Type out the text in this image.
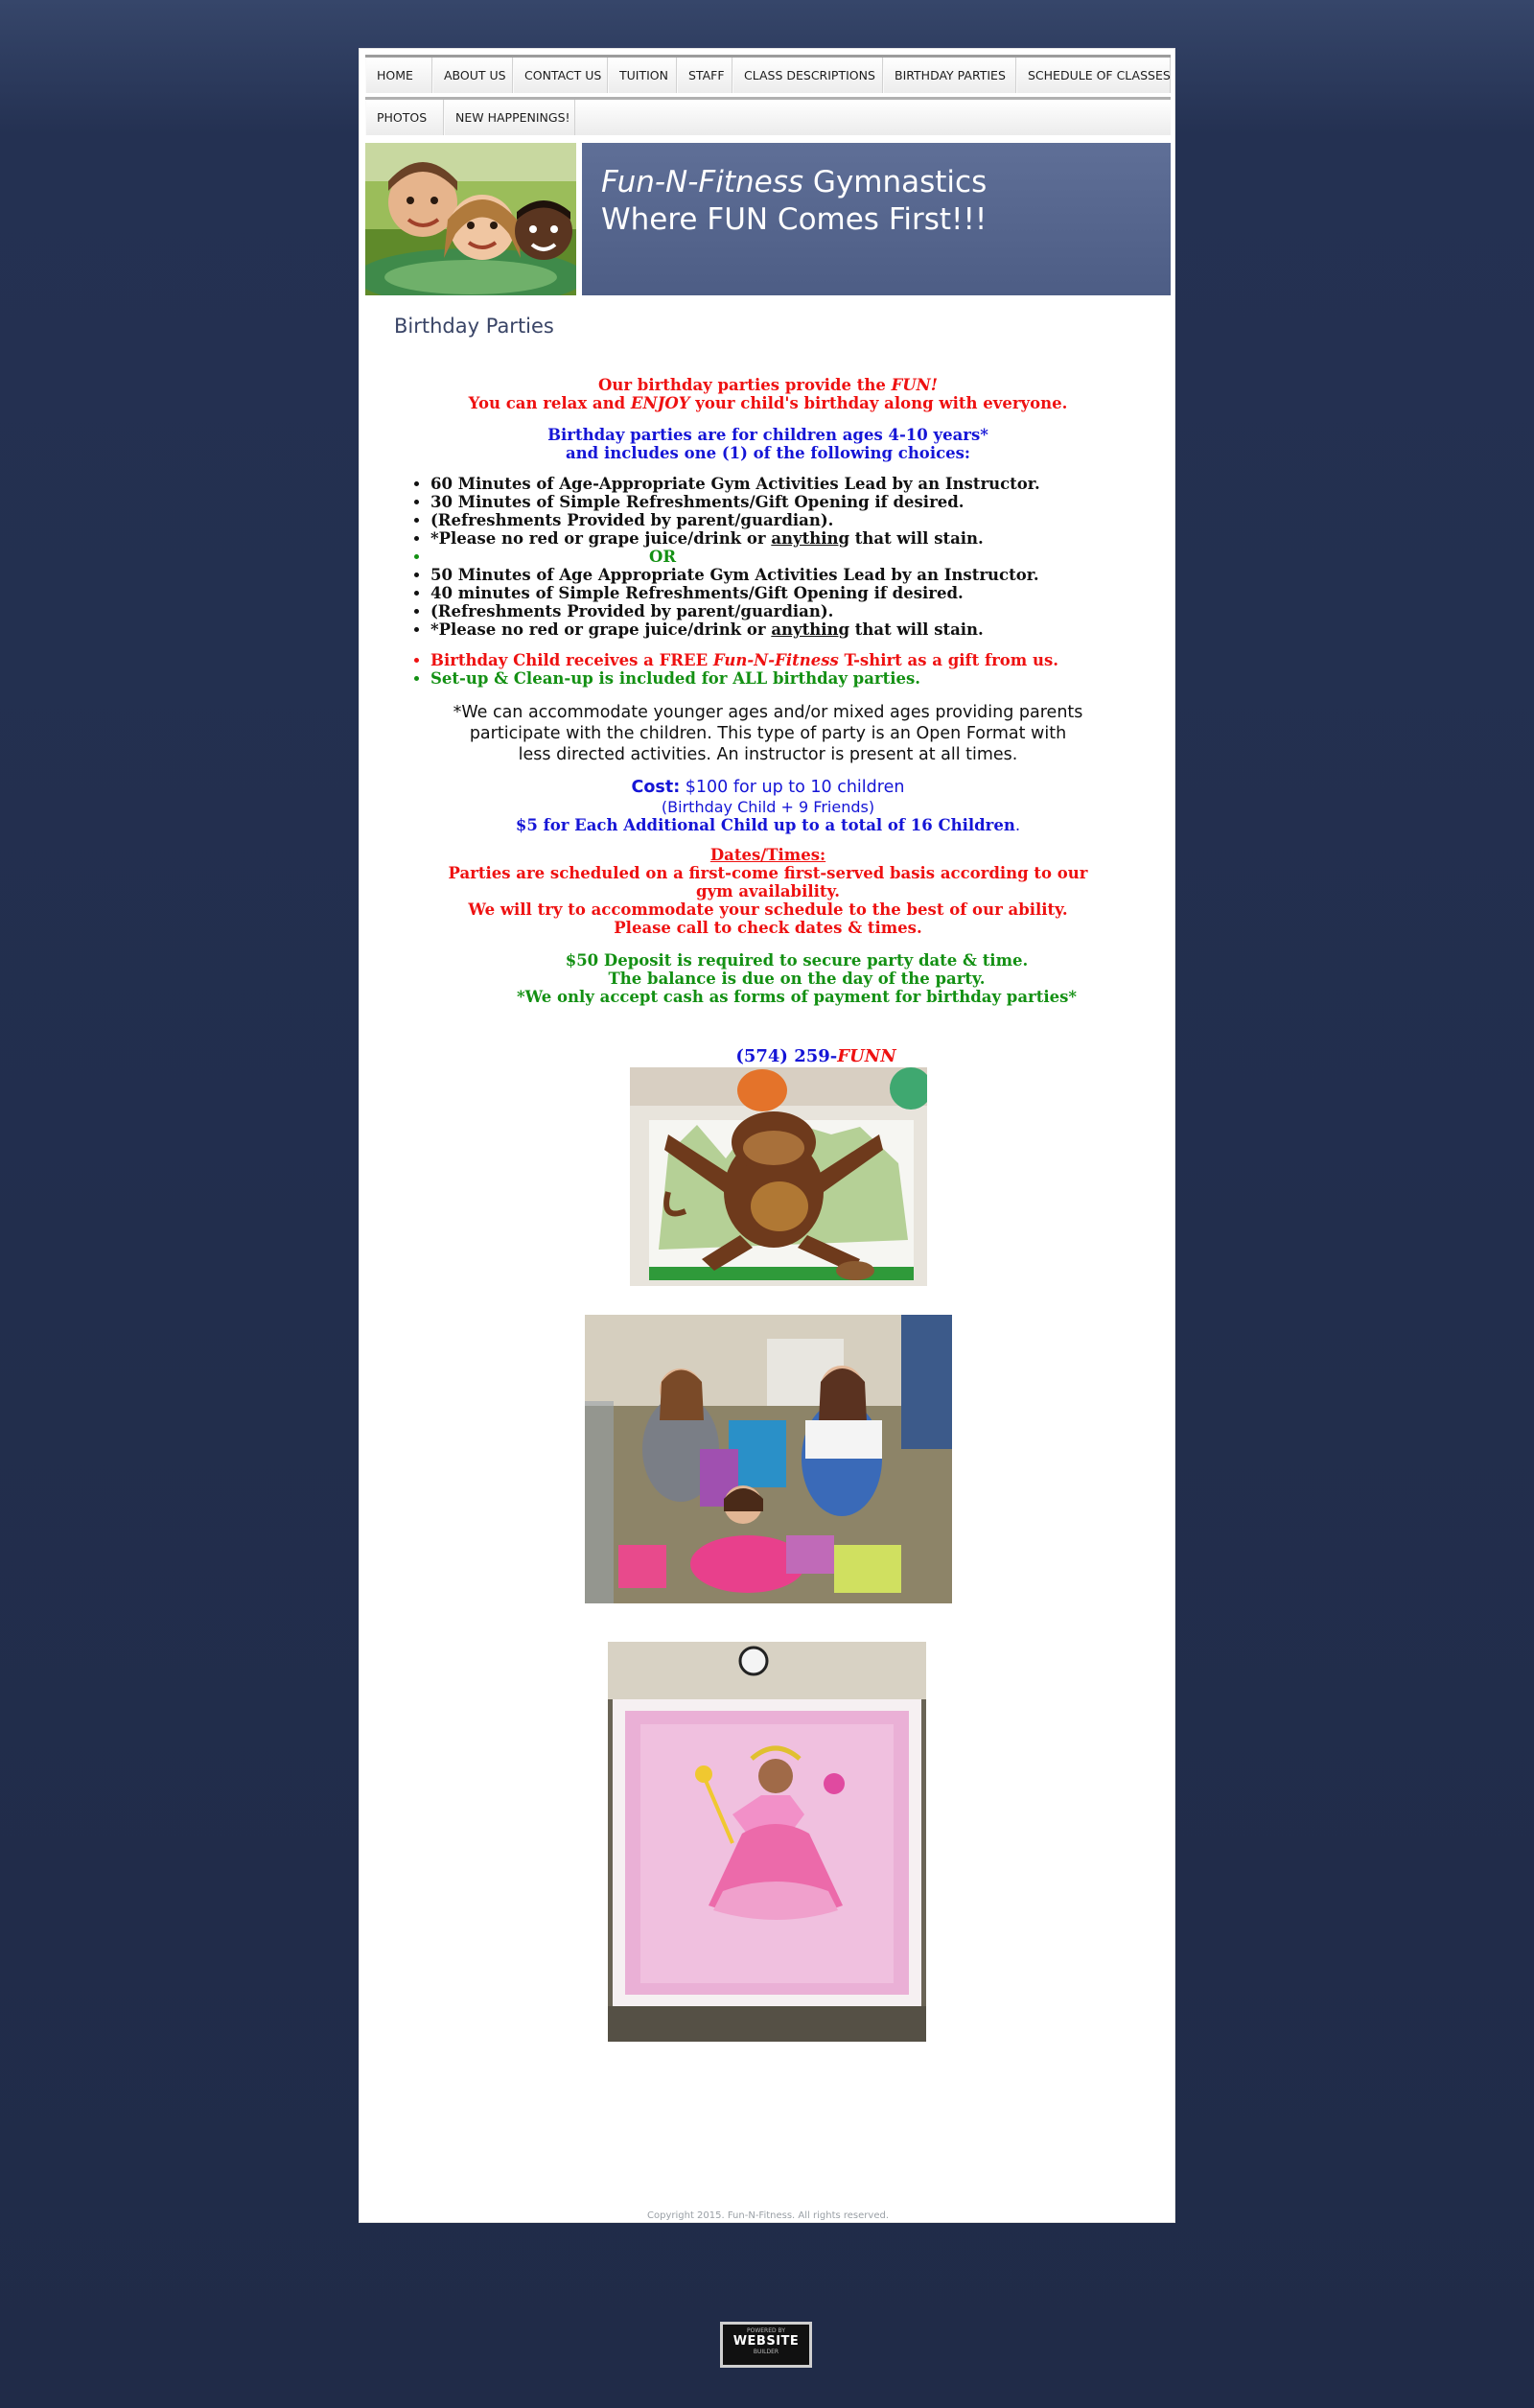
HOME	ABOUT US	CONTACT US	TUITION	STAFF	CLASS DESCRIPTIONS	BIRTHDAY PARTIES	SCHEDULE OF CLASSES
PHOTOS	NEW HAPPENINGS!
Fun-N-Fitness Gymnastics
Where FUN Comes First!!!
Birthday Parties
Our birthday parties provide the FUN!
You can relax and ENJOY your child's birthday along with everyone.
Birthday parties are for children ages 4-10 years*
and includes one (1) of the following choices:
• 60 Minutes of Age-Appropriate Gym Activities Lead by an Instructor.
• 30 Minutes of Simple Refreshments/Gift Opening if desired.
• (Refreshments Provided by parent/guardian).
• *Please no red or grape juice/drink or anything that will stain.
• OR
• 50 Minutes of Age Appropriate Gym Activities Lead by an Instructor.
• 40 minutes of Simple Refreshments/Gift Opening if desired.
• (Refreshments Provided by parent/guardian).
• *Please no red or grape juice/drink or anything that will stain.
• Birthday Child receives a FREE Fun-N-Fitness T-shirt as a gift from us.
• Set-up & Clean-up is included for ALL birthday parties.
*We can accommodate younger ages and/or mixed ages providing parents
participate with the children. This type of party is an Open Format with
less directed activities. An instructor is present at all times.
Cost: $100 for up to 10 children
(Birthday Child + 9 Friends)
$5 for Each Additional Child up to a total of 16 Children.
Dates/Times:
Parties are scheduled on a first-come first-served basis according to our
gym availability.
We will try to accommodate your schedule to the best of our ability.
Please call to check dates & times.
$50 Deposit is required to secure party date & time.
The balance is due on the day of the party.
*We only accept cash as forms of payment for birthday parties*
(574) 259-FUNN
Copyright 2015. Fun-N-Fitness. All rights reserved.
POWERED BY
WEBSITE
BUILDER
